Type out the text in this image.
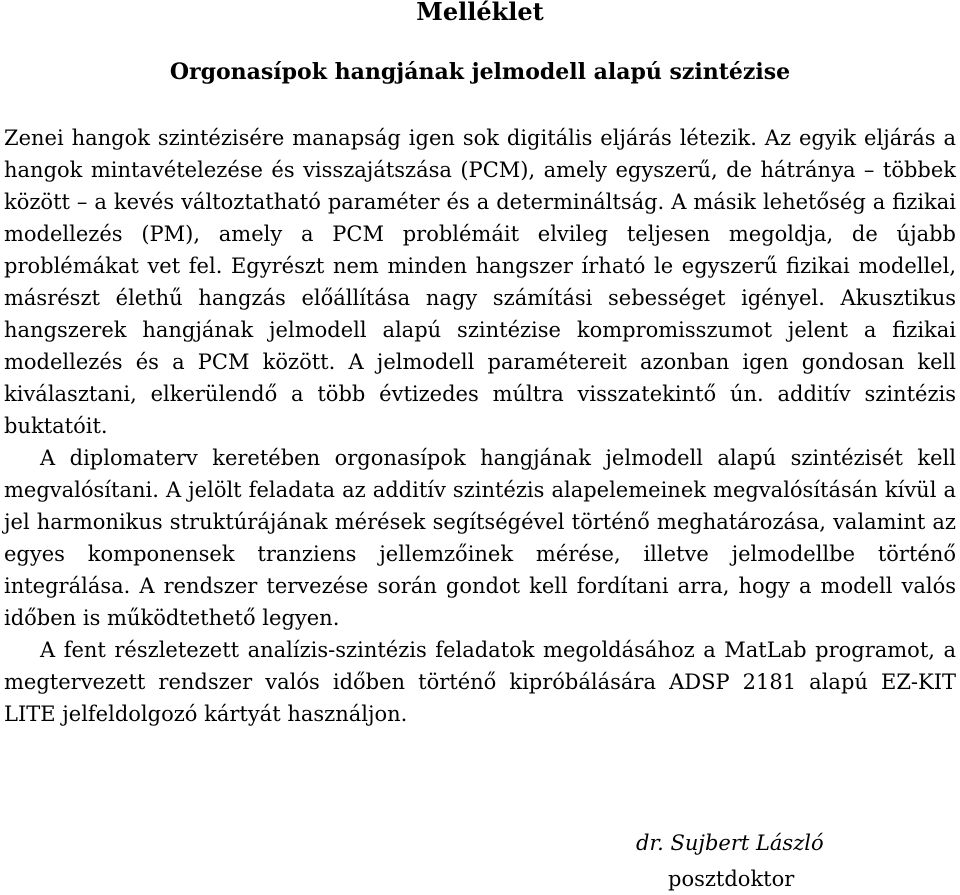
Melléklet
Orgonasípok hangjának jelmodell alapú szintézise

Zenei hangok szintézisére manapság igen sok digitális eljárás létezik. Az egyik eljárás a hangok mintavételezése és visszajátszása (PCM), amely egyszerű, de hátránya – többek között – a kevés változtatható paraméter és a determináltság. A másik lehetőség a fizikai modellezés (PM), amely a PCM problémáit elvileg teljesen megoldja, de újabb problémákat vet fel. Egyrészt nem minden hangszer írható le egyszerű fizikai modellel, másrészt élethű hangzás előállítása nagy számítási sebességet igényel. Akusztikus hangszerek hangjának jelmodell alapú szintézise kompromisszumot jelent a fizikai modellezés és a PCM között. A jelmodell paramétereit azonban igen gondosan kell kiválasztani, elkerülendő a több évtizedes múltra visszatekintő ún. additív szintézis buktatóit.

A diplomaterv keretében orgonasípok hangjának jelmodell alapú szintézisét kell megvalósítani. A jelölt feladata az additív szintézis alapelemeinek megvalósításán kívül a jel harmonikus struktúrájának mérések segítségével történő meghatározása, valamint az egyes komponensek tranziens jellemzőinek mérése, illetve jelmodellbe történő integrálása. A rendszer tervezése során gondot kell fordítani arra, hogy a modell valós időben is működtethető legyen.

A fent részletezett analízis-szintézis feladatok megoldásához a MatLab programot, a megtervezett rendszer valós időben történő kipróbálására ADSP 2181 alapú EZ-KIT LITE jelfeldolgozó kártyát használjon.

dr. Sujbert László
posztdoktor
